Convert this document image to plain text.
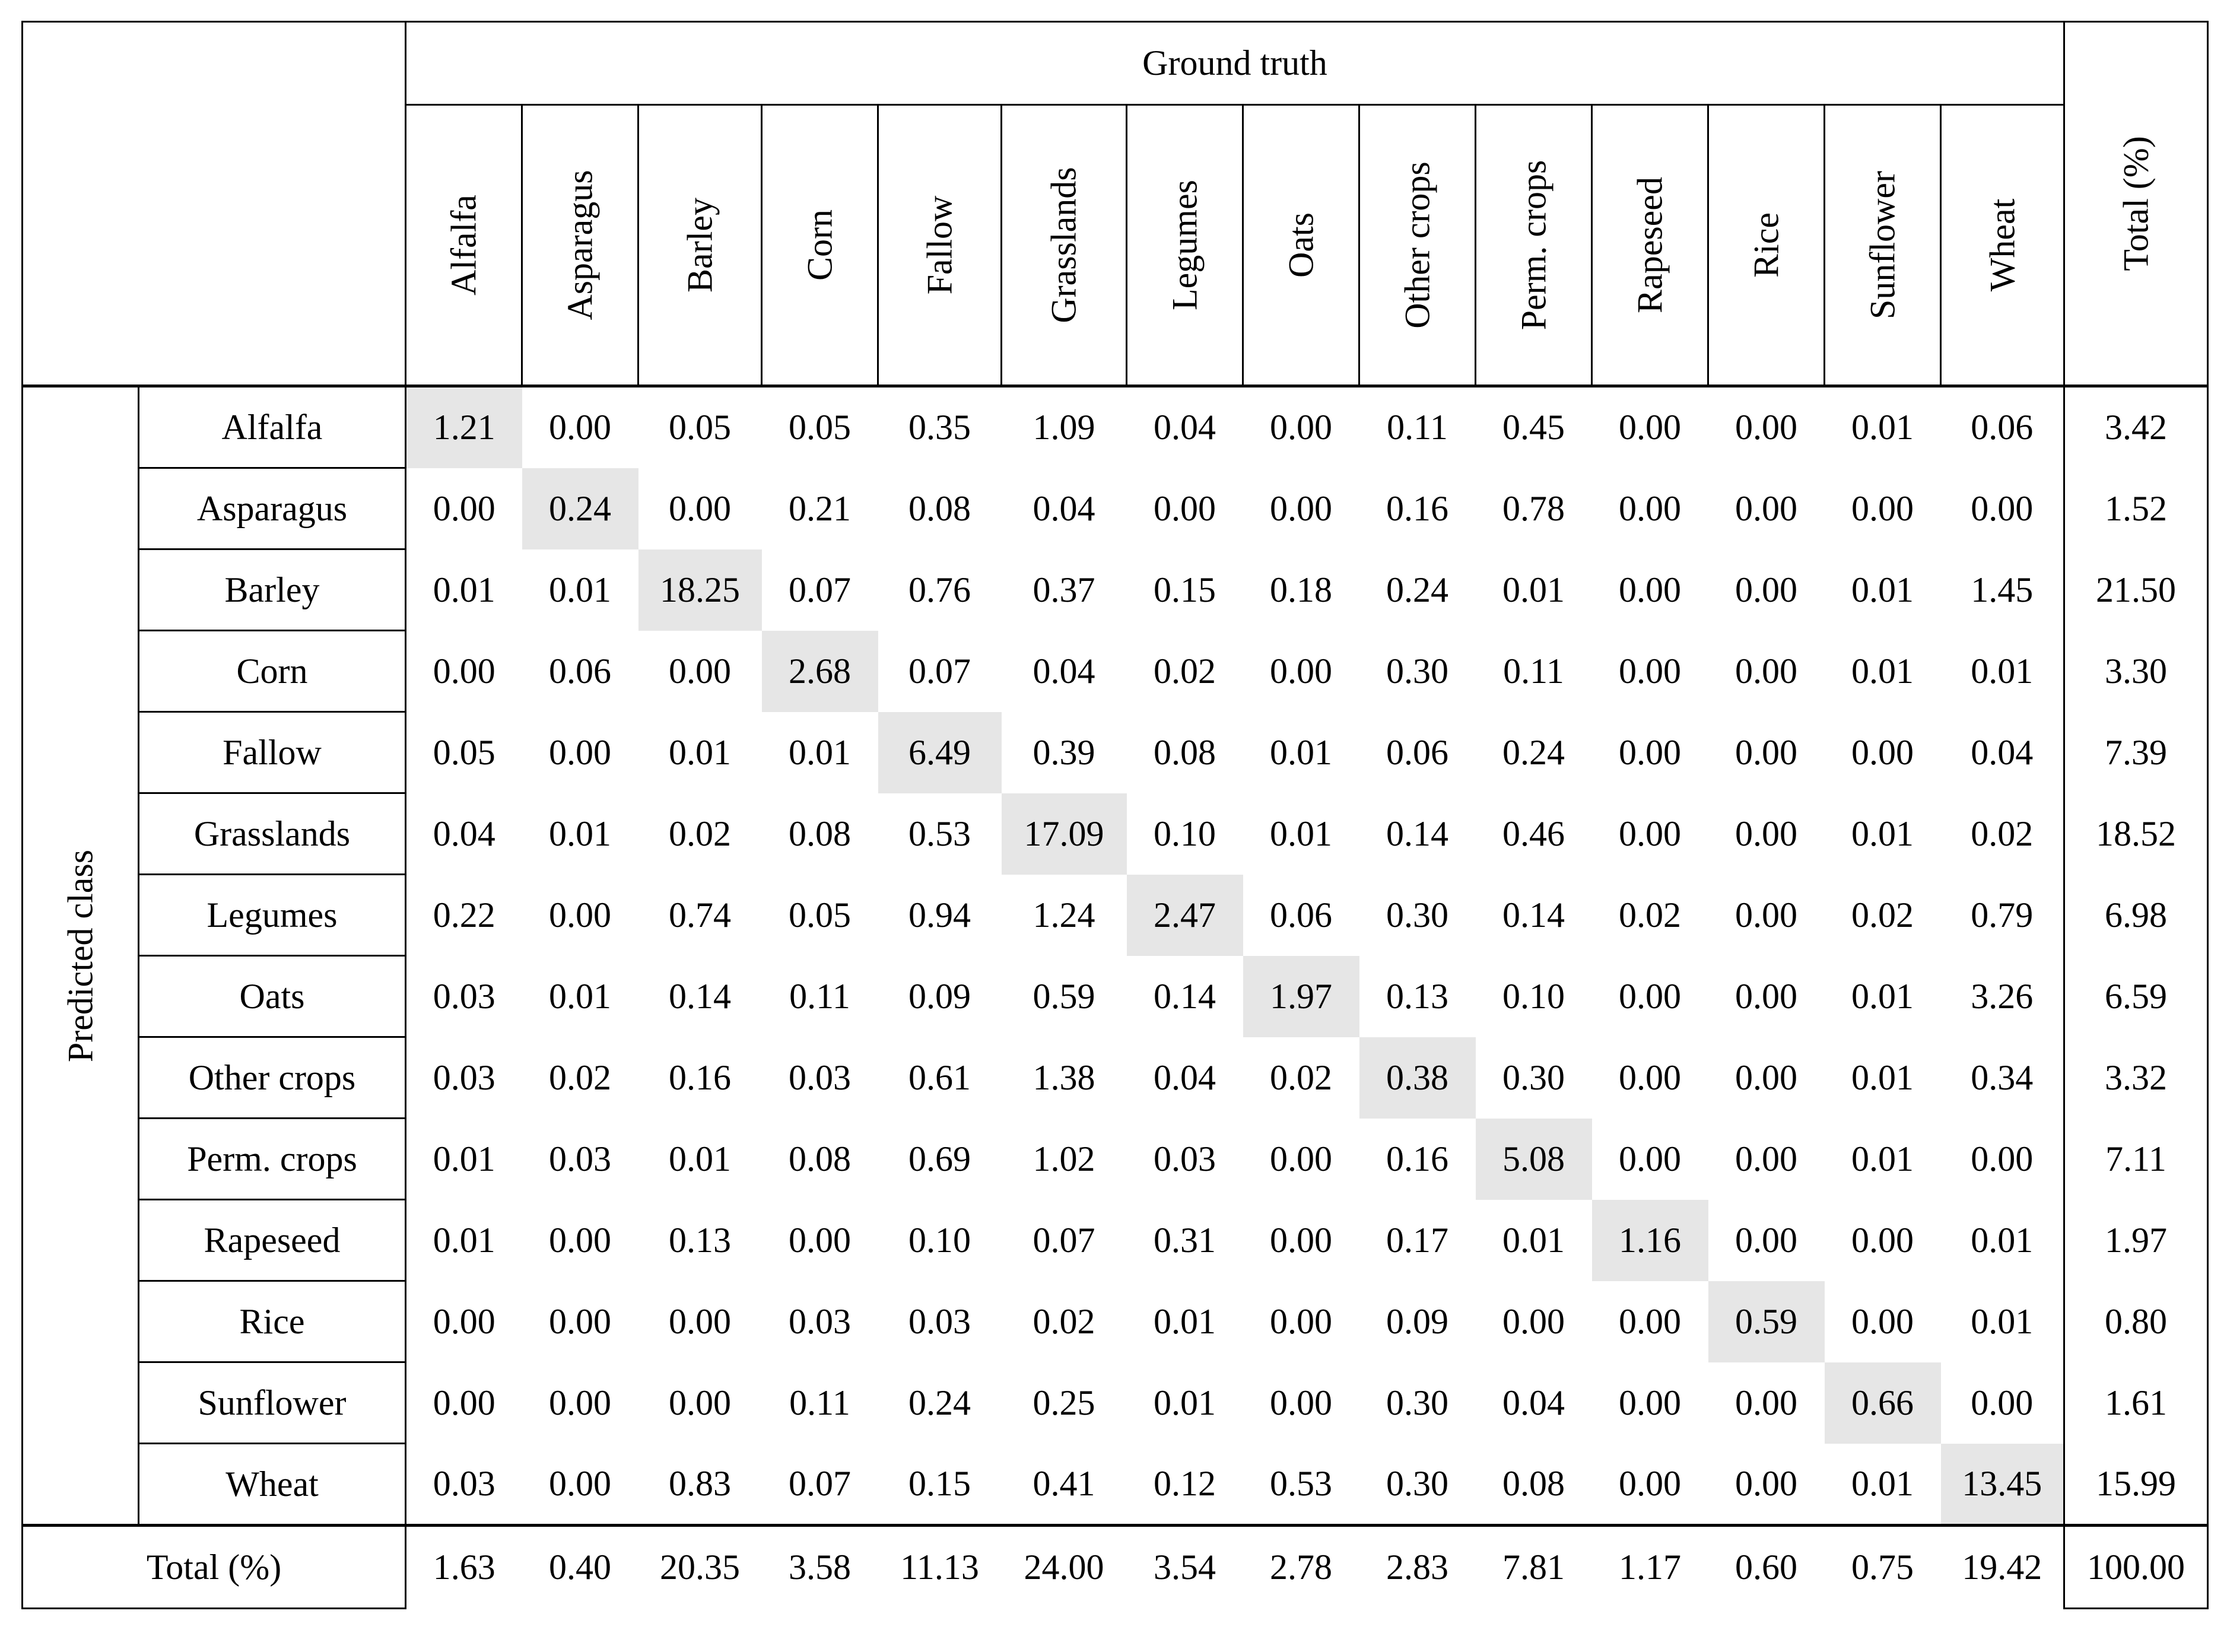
		Ground truth														Total (%)

		Alfalfa	Asparagus	Barley	Corn	Fallow	Grasslands	Legumes	Oats	Other crops	Perm. crops	Rapeseed	Rice	Sunflower	Wheat	

Predicted class	Alfalfa	1.21	0.00	0.05	0.05	0.35	1.09	0.04	0.00	0.11	0.45	0.00	0.00	0.01	0.06	3.42
	Asparagus	0.00	0.24	0.00	0.21	0.08	0.04	0.00	0.00	0.16	0.78	0.00	0.00	0.00	0.00	1.52
	Barley	0.01	0.01	18.25	0.07	0.76	0.37	0.15	0.18	0.24	0.01	0.00	0.00	0.01	1.45	21.50
	Corn	0.00	0.06	0.00	2.68	0.07	0.04	0.02	0.00	0.30	0.11	0.00	0.00	0.01	0.01	3.30
	Fallow	0.05	0.00	0.01	0.01	6.49	0.39	0.08	0.01	0.06	0.24	0.00	0.00	0.00	0.04	7.39
	Grasslands	0.04	0.01	0.02	0.08	0.53	17.09	0.10	0.01	0.14	0.46	0.00	0.00	0.01	0.02	18.52
	Legumes	0.22	0.00	0.74	0.05	0.94	1.24	2.47	0.06	0.30	0.14	0.02	0.00	0.02	0.79	6.98
	Oats	0.03	0.01	0.14	0.11	0.09	0.59	0.14	1.97	0.13	0.10	0.00	0.00	0.01	3.26	6.59
	Other crops	0.03	0.02	0.16	0.03	0.61	1.38	0.04	0.02	0.38	0.30	0.00	0.00	0.01	0.34	3.32
	Perm. crops	0.01	0.03	0.01	0.08	0.69	1.02	0.03	0.00	0.16	5.08	0.00	0.00	0.01	0.00	7.11
	Rapeseed	0.01	0.00	0.13	0.00	0.10	0.07	0.31	0.00	0.17	0.01	1.16	0.00	0.00	0.01	1.97
	Rice	0.00	0.00	0.00	0.03	0.03	0.02	0.01	0.00	0.09	0.00	0.00	0.59	0.00	0.01	0.80
	Sunflower	0.00	0.00	0.00	0.11	0.24	0.25	0.01	0.00	0.30	0.04	0.00	0.00	0.66	0.00	1.61
	Wheat	0.03	0.00	0.83	0.07	0.15	0.41	0.12	0.53	0.30	0.08	0.00	0.00	0.01	13.45	15.99
Total (%)		1.63	0.40	20.35	3.58	11.13	24.00	3.54	2.78	2.83	7.81	1.17	0.60	0.75	19.42	100.00
